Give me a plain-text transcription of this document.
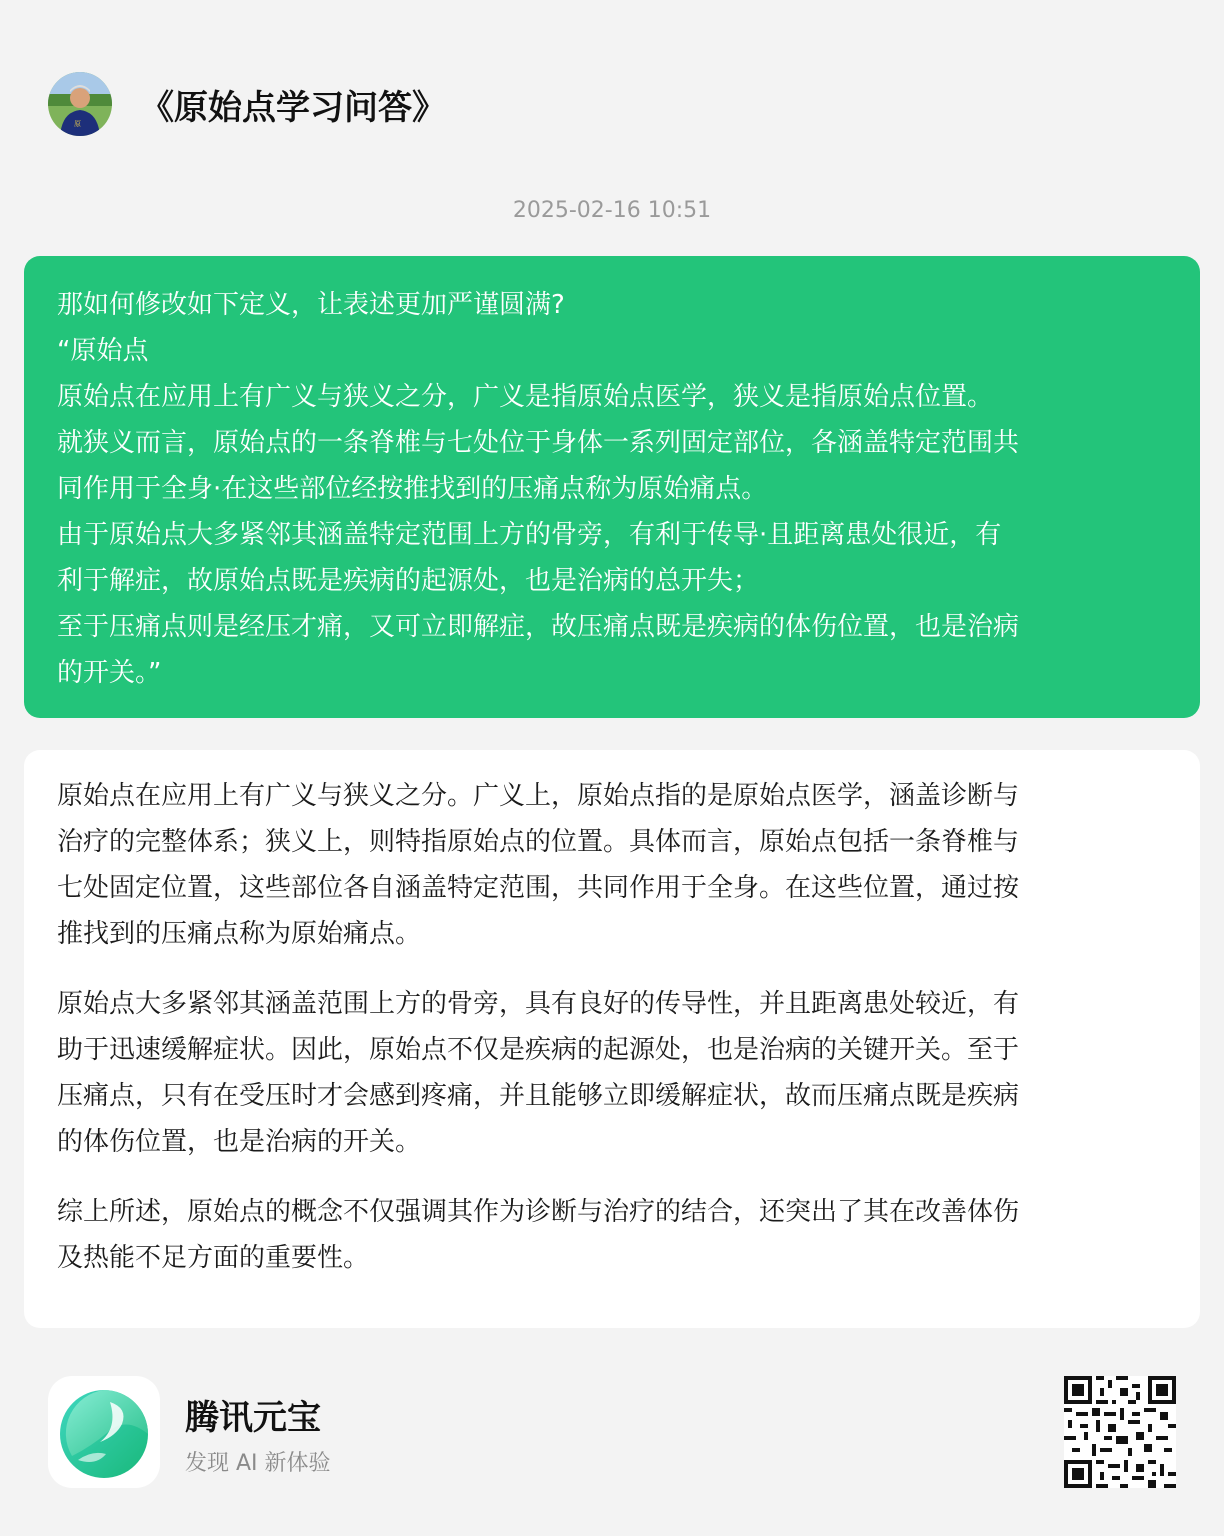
原 《原始点学习问答》
2025-02-16 10:51
那如何修改如下定义，让表述更加严谨圆满?
“原始点
原始点在应用上有广义与狭义之分，广义是指原始点医学，狭义是指原始点位置。
就狭义而言，原始点的一条脊椎与七处位于身体一系列固定部位，各涵盖特定范围共
同作用于全身·在这些部位经按推找到的压痛点称为原始痛点。
由于原始点大多紧邻其涵盖特定范围上方的骨旁，有利于传导·且距离患处很近，有
利于解症，故原始点既是疾病的起源处，也是治病的总开失；
至于压痛点则是经压才痛，又可立即解症，故压痛点既是疾病的体伤位置，也是治病
的开关。”
原始点在应用上有广义与狭义之分。广义上，原始点指的是原始点医学，涵盖诊断与
治疗的完整体系；狭义上，则特指原始点的位置。具体而言，原始点包括一条脊椎与
七处固定位置，这些部位各自涵盖特定范围，共同作用于全身。在这些位置，通过按
推找到的压痛点称为原始痛点。
原始点大多紧邻其涵盖范围上方的骨旁，具有良好的传导性，并且距离患处较近，有
助于迅速缓解症状。因此，原始点不仅是疾病的起源处，也是治病的关键开关。至于
压痛点，只有在受压时才会感到疼痛，并且能够立即缓解症状，故而压痛点既是疾病
的体伤位置，也是治病的开关。
综上所述，原始点的概念不仅强调其作为诊断与治疗的结合，还突出了其在改善体伤
及热能不足方面的重要性。
腾讯元宝
发现 AI 新体验
